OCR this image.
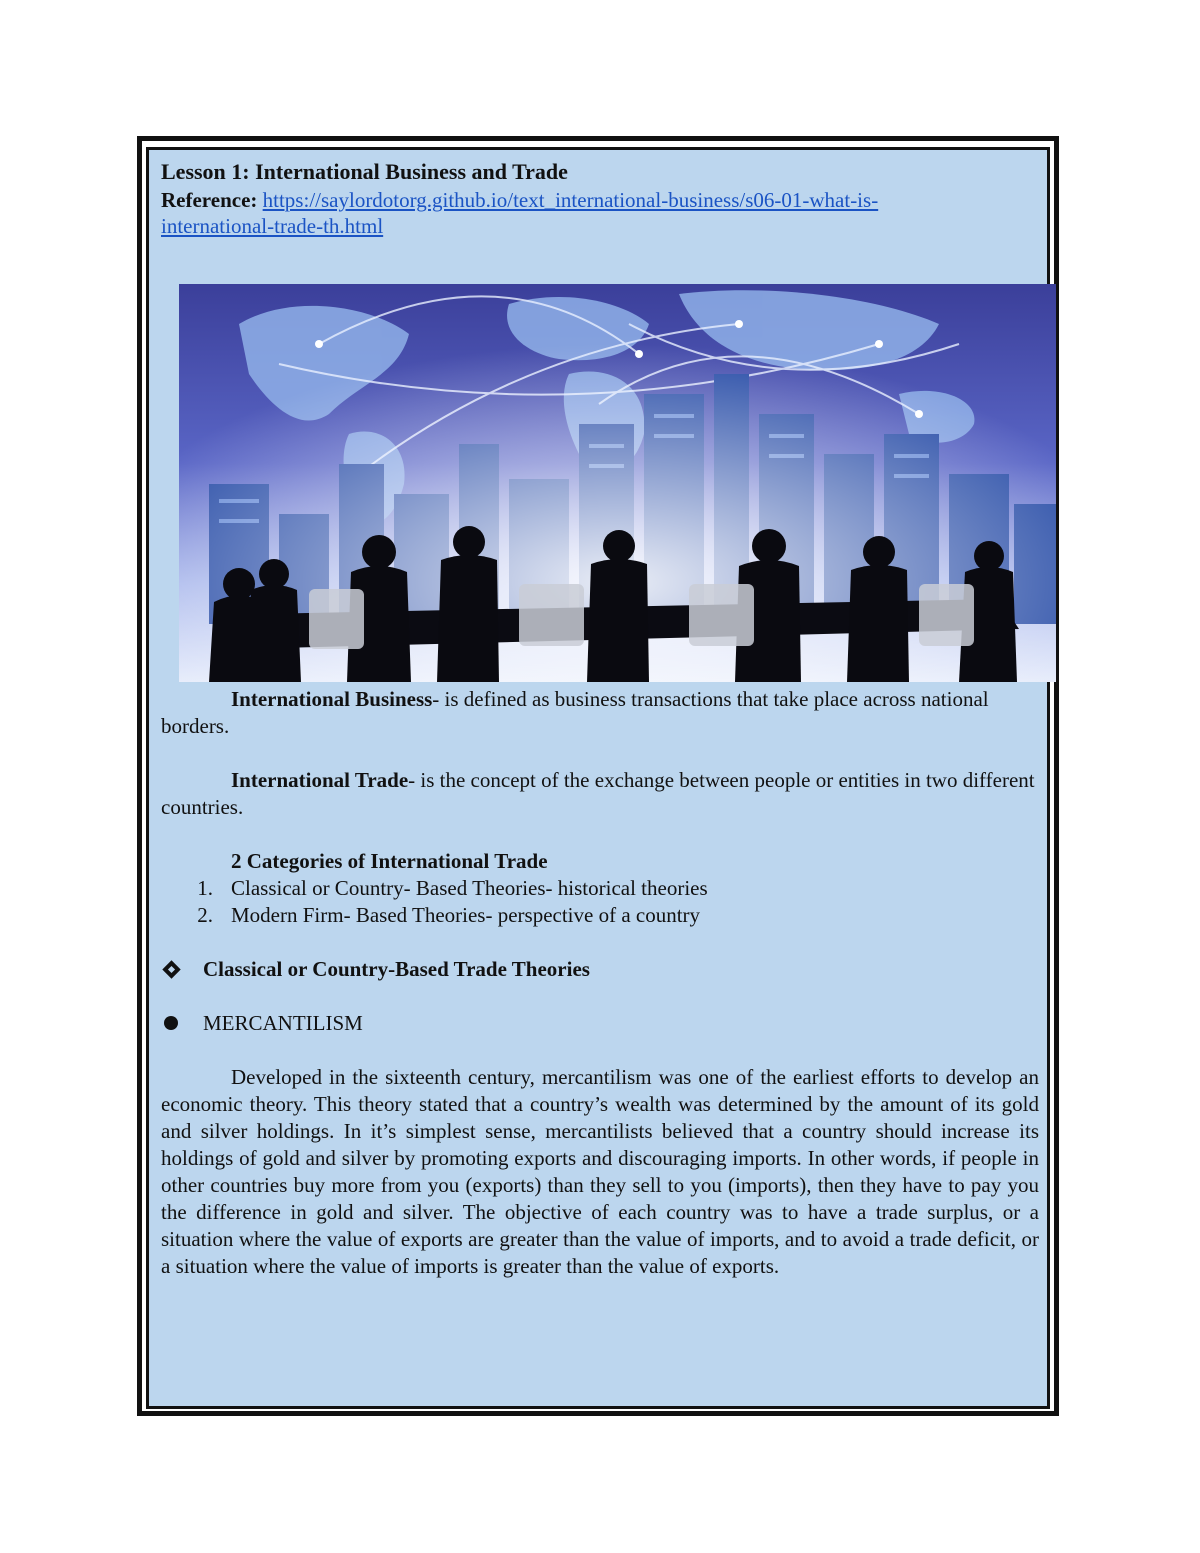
Lesson 1: International Business and Trade

Reference: https://saylordotorg.github.io/text_international-business/s06-01-what-is-
international-trade-th.html

International Business- is defined as business transactions that take place across national borders.

International Trade- is the concept of the exchange between people or entities in two different countries.

2 Categories of International Trade

1. Classical or Country- Based Theories- historical theories
2. Modern Firm- Based Theories- perspective of a country
Classical or Country-Based Trade Theories
MERCANTILISM

Developed in the sixteenth century, mercantilism was one of the earliest efforts to develop an economic theory. This theory stated that a country’s wealth was determined by the amount of its gold and silver holdings. In it’s simplest sense, mercantilists believed that a country should increase its holdings of gold and silver by promoting exports and discouraging imports. In other words, if people in other countries buy more from you (exports) than they sell to you (imports), then they have to pay you the difference in gold and silver. The objective of each country was to have a trade surplus, or a situation where the value of exports are greater than the value of imports, and to avoid a trade deficit, or a situation where the value of imports is greater than the value of exports.
